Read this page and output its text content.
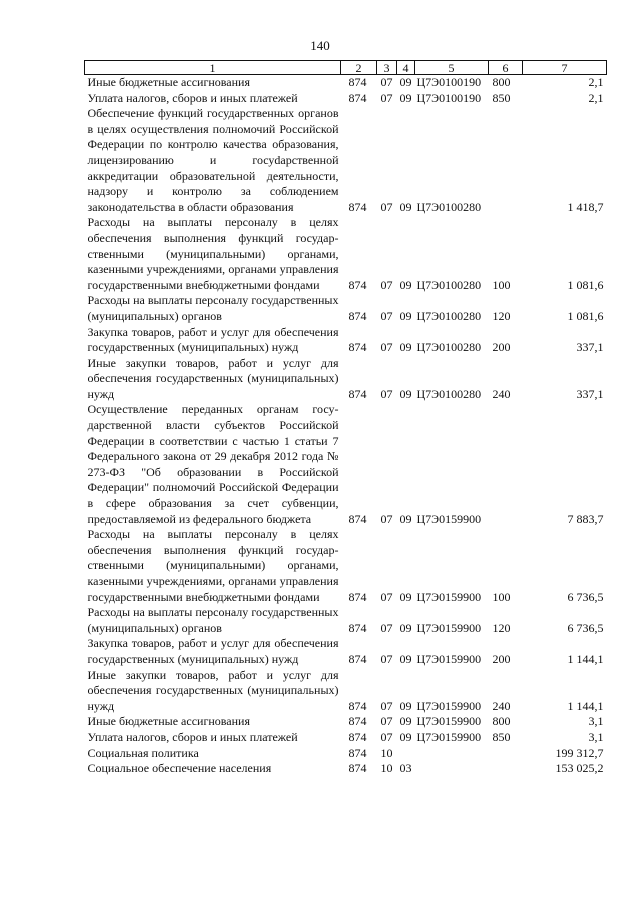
140
1	2	3	4	5	6	7
Иные бюджетные ассигнования	874	07	09	Ц7Э0100190	800	2,1
Уплата налогов, сборов и иных платежей	874	07	09	Ц7Э0100190	850	2,1
Обеспечение функций государственных органов в целях осуществления полномочий Российской Федерации по контролю качества образования, лицензированию и госуdарственной аккредитации образовательной деятельности, надзору и контролю за соблюдением законодательства в области образования	874	07	09	Ц7Э0100280		1 418,7
Расходы на выплаты персоналу в целях обеспечения выполнения функций государственными (муниципальными) органами, казенными учреждениями, органами управления государственными внебюджетными фондами	874	07	09	Ц7Э0100280	100	1 081,6
Расходы на выплаты персоналу государственных (муниципальных) органов	874	07	09	Ц7Э0100280	120	1 081,6
Закупка товаров, работ и услуг для обеспечения государственных (муниципальных) нужд	874	07	09	Ц7Э0100280	200	337,1
Иные закупки товаров, работ и услуг для обеспечения государственных (муниципальных) нужд	874	07	09	Ц7Э0100280	240	337,1
Осуществление переданных органам государственной власти субъектов Российской Федерации в соответствии с частью 1 статьи 7 Федерального закона от 29 декабря 2012 года № 273-ФЗ "Об образовании в Российской Федерации" полномочий Российской Федерации в сфере образования за счет субвенции, предоставляемой из федерального бюджета	874	07	09	Ц7Э0159900		7 883,7
Расходы на выплаты персоналу в целях обеспечения выполнения функций государственными (муниципальными) органами, казенными учреждениями, органами управления государственными внебюджетными фондами	874	07	09	Ц7Э0159900	100	6 736,5
Расходы на выплаты персоналу государственных (муниципальных) органов	874	07	09	Ц7Э0159900	120	6 736,5
Закупка товаров, работ и услуг для обеспечения государственных (муниципальных) нужд	874	07	09	Ц7Э0159900	200	1 144,1
Иные закупки товаров, работ и услуг для обеспечения государственных (муниципальных) нужд	874	07	09	Ц7Э0159900	240	1 144,1
Иные бюджетные ассигнования	874	07	09	Ц7Э0159900	800	3,1
Уплата налогов, сборов и иных платежей	874	07	09	Ц7Э0159900	850	3,1
Социальная политика	874	10				199 312,7
Социальное обеспечение населения	874	10	03			153 025,2
